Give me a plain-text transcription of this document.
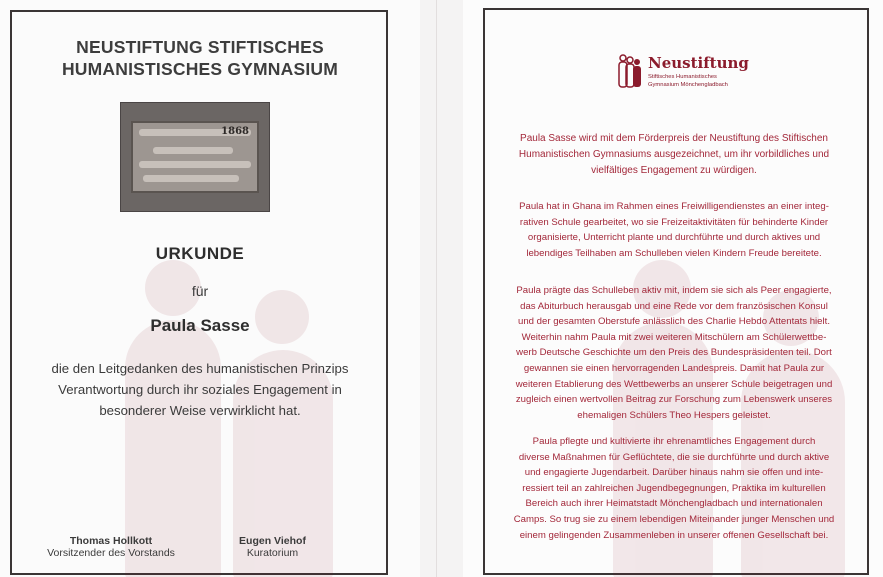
NEUSTIFTUNG STIFTISCHES
HUMANISTISCHES GYMNASIUM
1868
URKUNDE
für
Paula Sasse
die den Leitgedanken des humanistischen Prinzips
Verantwortung durch ihr soziales Engagement in
besonderer Weise verwirklicht hat.
Thomas Hollkott
Vorsitzender des Vorstands
Eugen Viehof
Kuratorium
Neustiftung
Stiftisches Humanistisches
Gymnasium Mönchengladbach
Paula Sasse wird mit dem Förderpreis der Neustiftung des Stiftischen
Humanistischen Gymnasiums ausgezeichnet, um ihr vorbildliches und
vielfältiges Engagement zu würdigen.
Paula hat in Ghana im Rahmen eines Freiwilligendienstes an einer integ-
rativen Schule gearbeitet, wo sie Freizeitaktivitäten für behinderte Kinder
organisierte, Unterricht plante und durchführte und durch aktives und
lebendiges Teilhaben am Schulleben vielen Kindern Freude bereitete.
Paula prägte das Schulleben aktiv mit, indem sie sich als Peer engagierte,
das Abiturbuch herausgab und eine Rede vor dem französischen Konsul
und der gesamten Oberstufe anlässlich des Charlie Hebdo Attentats hielt.
Weiterhin nahm Paula mit zwei weiteren Mitschülern am Schülerwettbe-
werb Deutsche Geschichte um den Preis des Bundespräsidenten teil. Dort
gewannen sie einen hervorragenden Landespreis. Damit hat Paula zur
weiteren Etablierung des Wettbewerbs an unserer Schule beigetragen und
zugleich einen wertvollen Beitrag zur Forschung zum Lebenswerk unseres
ehemaligen Schülers Theo Hespers geleistet.
Paula pflegte und kultivierte ihr ehrenamtliches Engagement durch
diverse Maßnahmen für Geflüchtete, die sie durchführte und durch aktive
und engagierte Jugendarbeit. Darüber hinaus nahm sie offen und inte-
ressiert teil an zahlreichen Jugendbegegnungen, Praktika im kulturellen
Bereich auch ihrer Heimatstadt Mönchengladbach und internationalen
Camps. So trug sie zu einem lebendigen Miteinander junger Menschen und
einem gelingenden Zusammenleben in unserer offenen Gesellschaft bei.
